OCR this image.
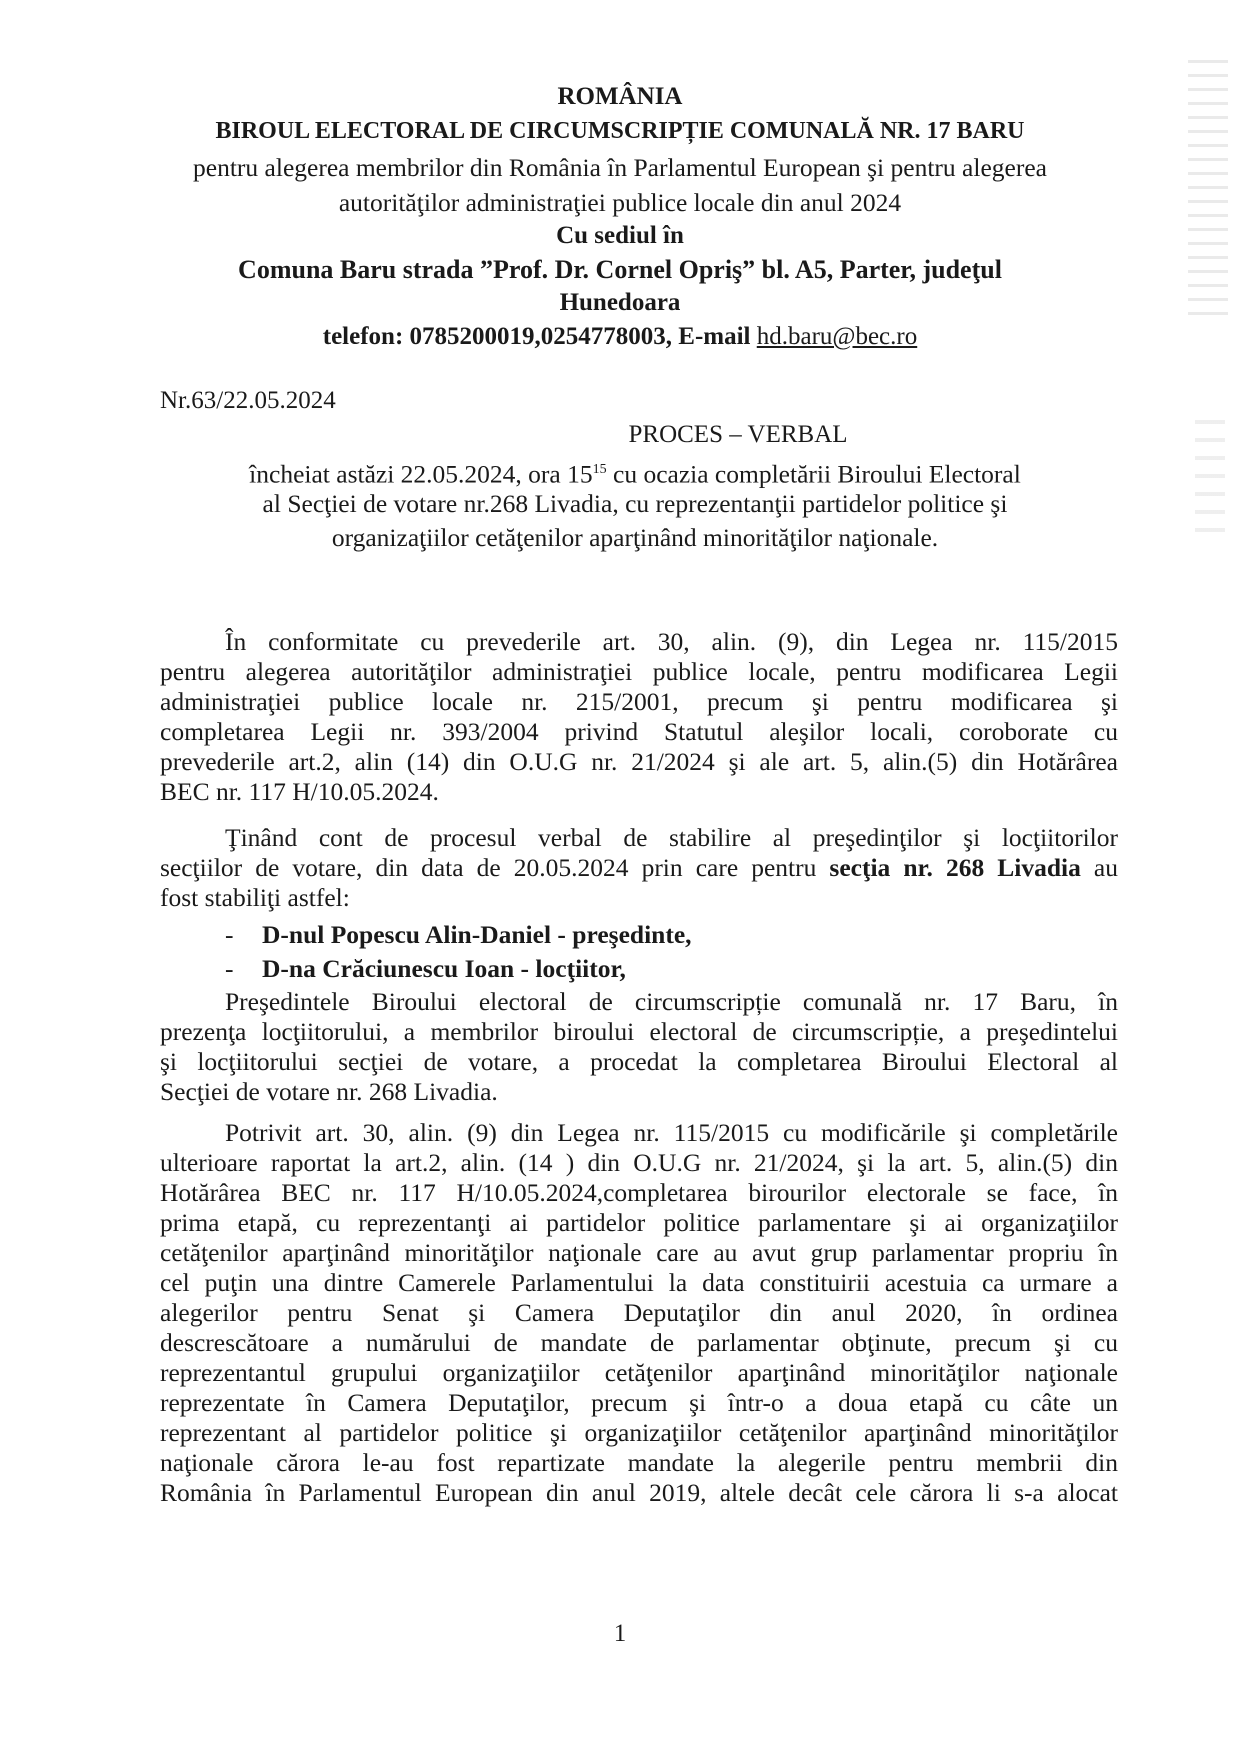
ROMÂNIA
BIROUL ELECTORAL DE CIRCUMSCRIPȚIE COMUNALĂ NR. 17 BARU
pentru alegerea membrilor din România în Parlamentul European şi pentru alegerea
autorităţilor administraţiei publice locale din anul 2024
Cu sediul în
Comuna Baru strada ”Prof. Dr. Cornel Opriş” bl. A5, Parter, judeţul
Hunedoara
telefon: 0785200019,0254778003, E-mail hd.baru@bec.ro
Nr.63/22.05.2024
PROCES – VERBAL
încheiat astăzi 22.05.2024, ora $15^{15}$ cu ocazia completării Biroului Electoral
al Secţiei de votare nr.268 Livadia, cu reprezentanţii partidelor politice şi
organizaţiilor cetăţenilor aparţinând minorităţilor naţionale.
În conformitate cu prevederile art. 30, alin. (9), din Legea nr. 115/2015
pentru alegerea autorităţilor administraţiei publice locale, pentru modificarea Legii
administraţiei publice locale nr. 215/2001, precum şi pentru modificarea şi
completarea Legii nr. 393/2004 privind Statutul aleşilor locali, coroborate cu
prevederile art.2, alin (14) din O.U.G nr. 21/2024 şi ale art. 5, alin.(5) din Hotărârea
BEC nr. 117 H/10.05.2024.
Ţinând cont de procesul verbal de stabilire al preşedinţilor şi locţiitorilor
secţiilor de votare, din data de 20.05.2024 prin care pentru secţia nr. 268 Livadia au
fost stabiliţi astfel:
- D-nul Popescu Alin-Daniel - preşedinte,
- D-na Crăciunescu Ioan - locţiitor,
Preşedintele Biroului electoral de circumscripție comunală nr. 17 Baru, în
prezenţa locţiitorului, a membrilor biroului electoral de circumscripție, a preşedintelui
şi locţiitorului secţiei de votare, a procedat la completarea Biroului Electoral al
Secţiei de votare nr. 268 Livadia.
Potrivit art. 30, alin. (9) din Legea nr. 115/2015 cu modificările şi completările
ulterioare raportat la art.2, alin. (14 ) din O.U.G nr. 21/2024, şi la art. 5, alin.(5) din
Hotărârea BEC nr. 117 H/10.05.2024,completarea birourilor electorale se face, în
prima etapă, cu reprezentanţi ai partidelor politice parlamentare şi ai organizaţiilor
cetăţenilor aparţinând minorităţilor naţionale care au avut grup parlamentar propriu în
cel puţin una dintre Camerele Parlamentului la data constituirii acestuia ca urmare a
alegerilor pentru Senat şi Camera Deputaţilor din anul 2020, în ordinea
descrescătoare a numărului de mandate de parlamentar obţinute, precum şi cu
reprezentantul grupului organizaţiilor cetăţenilor aparţinând minorităţilor naţionale
reprezentate în Camera Deputaţilor, precum şi într-o a doua etapă cu câte un
reprezentant al partidelor politice şi organizaţiilor cetăţenilor aparţinând minorităţilor
naţionale cărora le-au fost repartizate mandate la alegerile pentru membrii din
România în Parlamentul European din anul 2019, altele decât cele cărora li s-a alocat
1
